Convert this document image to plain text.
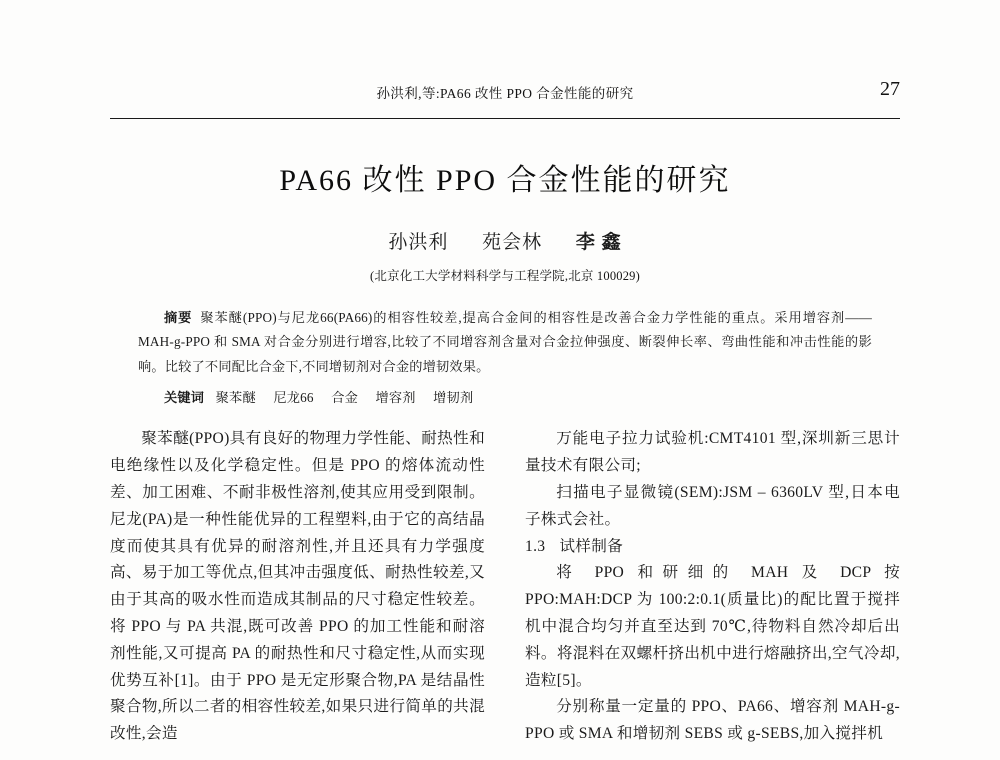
孙洪利,等:PA66 改性 PPO 合金性能的研究	27
PA66 改性 PPO 合金性能的研究
孙洪利 苑会林 李 鑫
(北京化工大学材料科学与工程学院,北京 100029)

摘要 聚苯醚(PPO)与尼龙66(PA66)的相容性较差,提高合金间的相容性是改善合金力学性能的重点。采用增容剂——MAH-g-PPO 和 SMA 对合金分别进行增容,比较了不同增容剂含量对合金拉伸强度、断裂伸长率、弯曲性能和冲击性能的影响。比较了不同配比合金下,不同增韧剂对合金的增韧效果。

关键词 聚苯醚 尼龙66 合金 增容剂 增韧剂

聚苯醚(PPO)具有良好的物理力学性能、耐热性和电绝缘性以及化学稳定性。但是 PPO 的熔体流动性差、加工困难、不耐非极性溶剂,使其应用受到限制。尼龙(PA)是一种性能优异的工程塑料,由于它的高结晶度而使其具有优异的耐溶剂性,并且还具有力学强度高、易于加工等优点,但其冲击强度低、耐热性较差,又由于其高的吸水性而造成其制品的尺寸稳定性较差。将 PPO 与 PA 共混,既可改善 PPO 的加工性能和耐溶剂性能,又可提高 PA 的耐热性和尺寸稳定性,从而实现优势互补[1]。由于 PPO 是无定形聚合物,PA 是结晶性聚合物,所以二者的相容性较差,如果只进行简单的共混改性,会造

万能电子拉力试验机:CMT4101 型,深圳新三思计量技术有限公司;

扫描电子显微镜(SEM):JSM – 6360LV 型,日本电子株式会社。

1.3 试样制备

将 PPO 和研细的 MAH 及 DCP 按 PPO:MAH:DCP 为 100:2:0.1(质量比)的配比置于搅拌机中混合均匀并直至达到 70℃,待物料自然冷却后出料。将混料在双螺杆挤出机中进行熔融挤出,空气冷却,造粒[5]。

分别称量一定量的 PPO、PA66、增容剂 MAH-g-PPO 或 SMA 和增韧剂 SEBS 或 g-SEBS,加入搅拌机
